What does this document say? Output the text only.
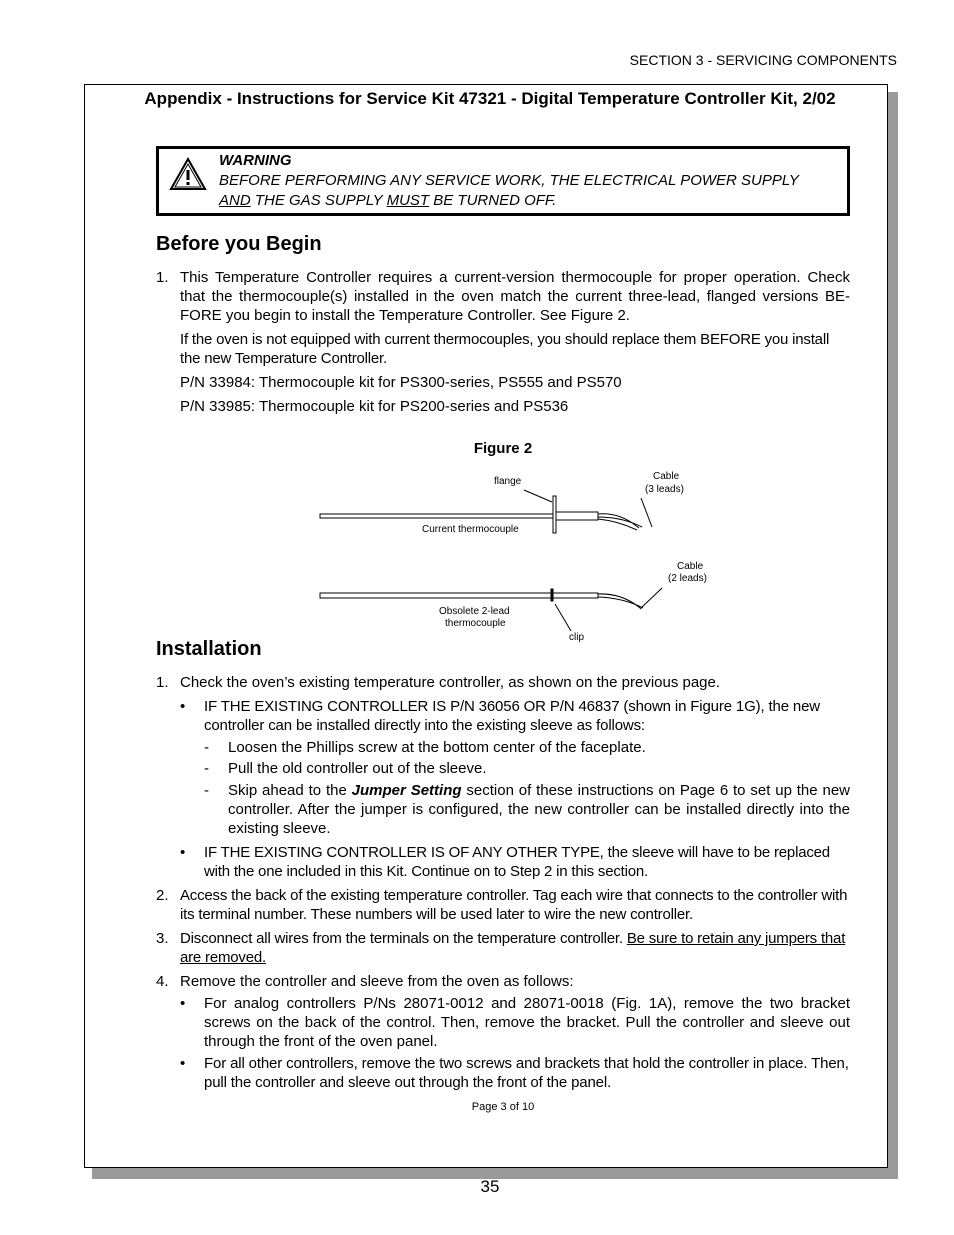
SECTION 3 - SERVICING COMPONENTS
Appendix - Instructions for Service Kit 47321 - Digital Temperature Controller Kit, 2/02
WARNING
BEFORE PERFORMING ANY SERVICE WORK, THE ELECTRICAL POWER SUPPLY
AND THE GAS SUPPLY MUST BE TURNED OFF.
Before you Begin
1. This Temperature Controller requires a current-version thermocouple for proper operation. Check that the thermocouple(s) installed in the oven match the current three-lead, flanged versions BE-FORE you begin to install the Temperature Controller. See Figure 2.
If the oven is not equipped with current thermocouples, you should replace them BEFORE you install the new Temperature Controller.
P/N 33984: Thermocouple kit for PS300-series, PS555 and PS570
P/N 33985: Thermocouple kit for PS200-series and PS536
Figure 2
flange	Cable
(3 leads)
Current thermocouple
Cable
(2 leads)
Obsolete 2-lead
thermocouple
clip
Installation
1. Check the oven’s existing temperature controller, as shown on the previous page.
• IF THE EXISTING CONTROLLER IS P/N 36056 OR P/N 46837 (shown in Figure 1G), the new controller can be installed directly into the existing sleeve as follows:
- Loosen the Phillips screw at the bottom center of the faceplate.
- Pull the old controller out of the sleeve.
- Skip ahead to the Jumper Setting section of these instructions on Page 6 to set up the new controller. After the jumper is configured, the new controller can be installed directly into the existing sleeve.
• IF THE EXISTING CONTROLLER IS OF ANY OTHER TYPE, the sleeve will have to be replaced with the one included in this Kit. Continue on to Step 2 in this section.
2. Access the back of the existing temperature controller. Tag each wire that connects to the controller with its terminal number. These numbers will be used later to wire the new controller.
3. Disconnect all wires from the terminals on the temperature controller. Be sure to retain any jumpers that are removed.
4. Remove the controller and sleeve from the oven as follows:
• For analog controllers P/Ns 28071-0012 and 28071-0018 (Fig. 1A), remove the two bracket screws on the back of the control. Then, remove the bracket. Pull the controller and sleeve out through the front of the oven panel.
• For all other controllers, remove the two screws and brackets that hold the controller in place. Then, pull the controller and sleeve out through the front of the panel.
Page 3 of 10
35
